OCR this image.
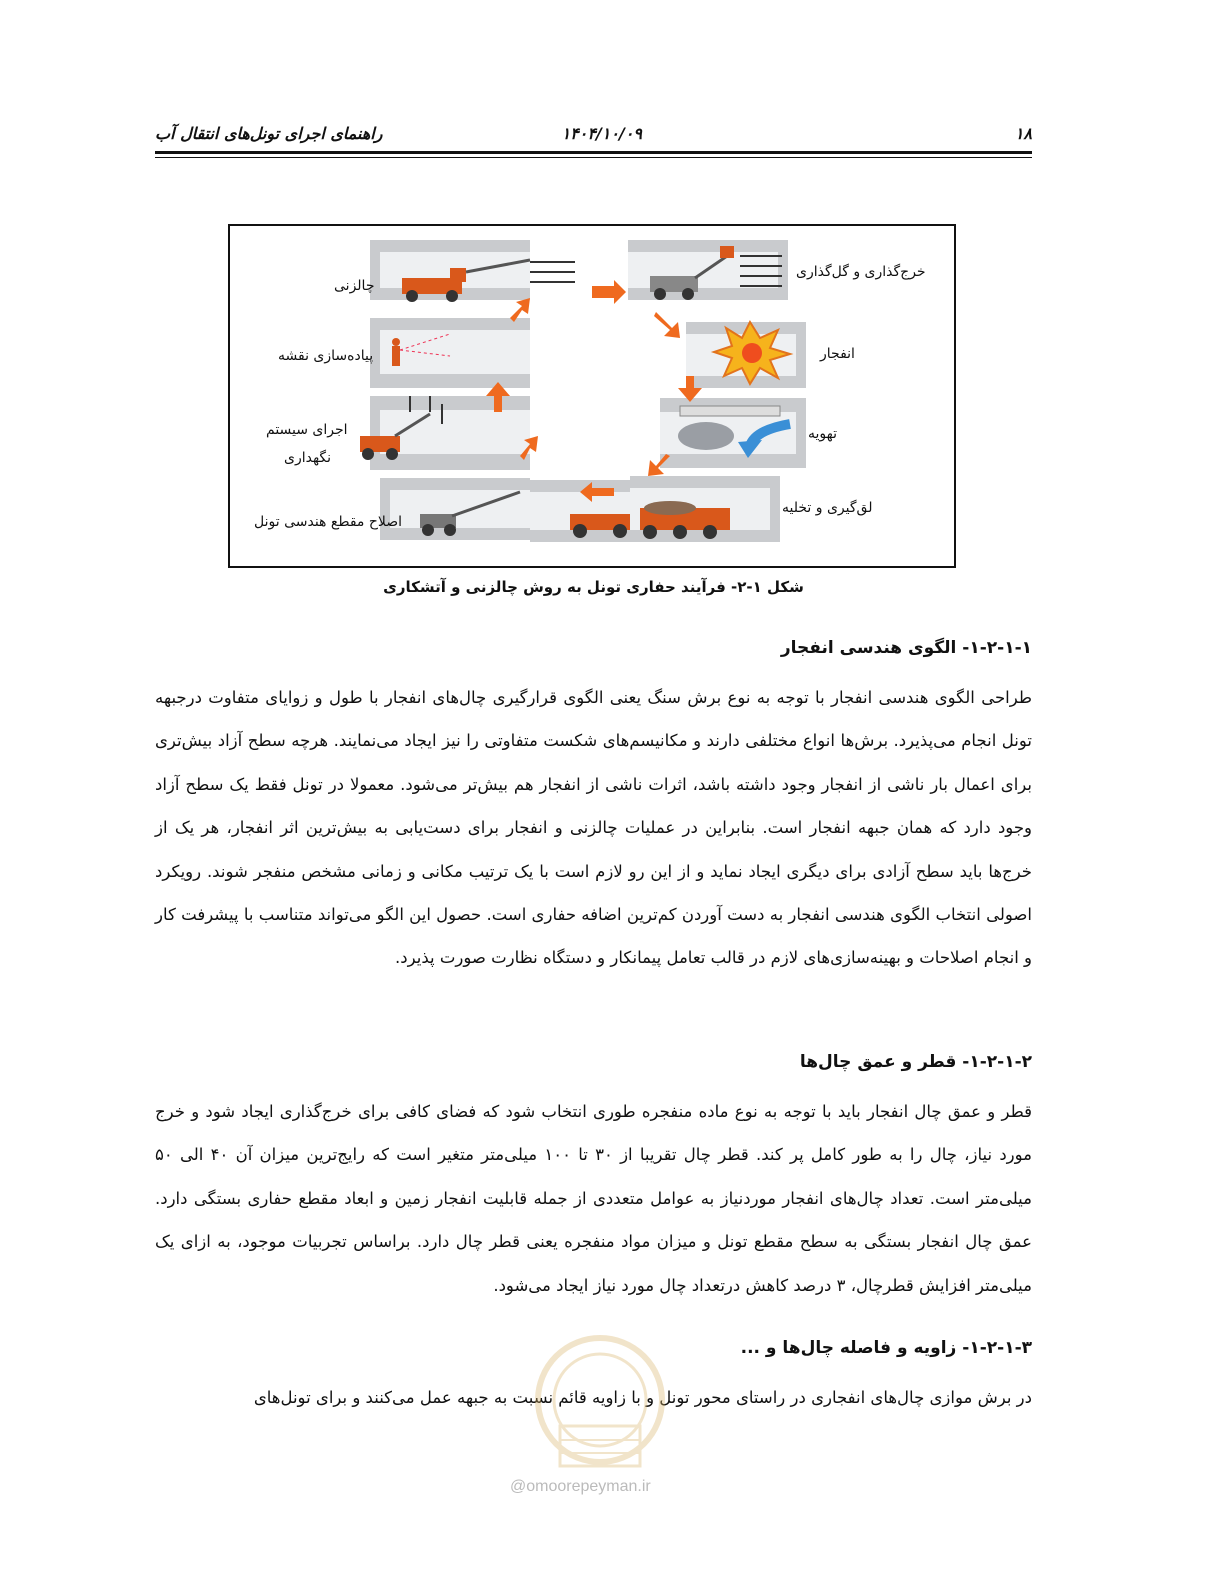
۱۸
۱۴۰۴/۱۰/۰۹
راهنمای اجرای تونل‌های انتقال آب
چالزنی
خرج‌گذاری و گل‌گذاری
پیاده‌سازی نقشه	انفجار
اجرای سیستم
نگهداری
تهویه
اصلاح مقطع هندسی تونل
لق‌گیری و تخلیه
شکل ۱-۲- فرآیند حفاری تونل به روش چالزنی و آتشکاری
۱-۲-۱-۱- الگوی هندسی انفجار

طراحی الگوی هندسی انفجار با توجه به نوع برش سنگ یعنی الگوی قرارگیری چال‌های انفجار با طول و زوایای متفاوت درجبهه تونل انجام می‌پذیرد. برش‌ها انواع مختلفی دارند و مکانیسم‌های شکست متفاوتی را نیز ایجاد می‌نمایند. هرچه سطح آزاد بیش‌تری برای اعمال بار ناشی از انفجار وجود داشته باشد، اثرات ناشی از انفجار هم بیش‌تر می‌شود. معمولا در تونل فقط یک سطح آزاد وجود دارد که همان جبهه انفجار است. بنابراین در عملیات چالزنی و انفجار برای دست‌یابی به بیش‌ترین اثر انفجار، هر یک از خرج‌ها باید سطح آزادی برای دیگری ایجاد نماید و از این رو لازم است با یک ترتیب مکانی و زمانی مشخص منفجر شوند. رویکرد اصولی انتخاب الگوی هندسی انفجار به دست آوردن کم‌ترین اضافه حفاری است. حصول این الگو می‌تواند متناسب با پیشرفت کار و انجام اصلاحات و بهینه‌سازی‌های لازم در قالب تعامل پیمانکار و دستگاه نظارت صورت پذیرد.

۱-۲-۱-۲- قطر و عمق چال‌ها

قطر و عمق چال انفجار باید با توجه به نوع ماده منفجره طوری انتخاب شود که فضای کافی برای خرج‌گذاری ایجاد شود و خرج مورد نیاز، چال را به طور کامل پر کند. قطر چال تقریبا از ۳۰ تا ۱۰۰ میلی‌متر متغیر است که رایج‌ترین میزان آن ۴۰ الی ۵۰ میلی‌متر است. تعداد چال‌های انفجار موردنیاز به عوامل متعددی از جمله قابلیت انفجار زمین و ابعاد مقطع حفاری بستگی دارد. عمق چال انفجار بستگی به سطح مقطع تونل و میزان مواد منفجره یعنی قطر چال دارد. براساس تجربیات موجود، به ازای یک میلی‌متر افزایش قطرچال، ۳ درصد کاهش درتعداد چال مورد نیاز ایجاد می‌شود.

۱-۲-۱-۳- زاویه و فاصله چال‌ها و ...

در برش موازی چال‌های انفجاری در راستای محور تونل و با زاویه قائم نسبت به جبهه عمل می‌کنند و برای تونل‌های

@omoorepeyman.ir
